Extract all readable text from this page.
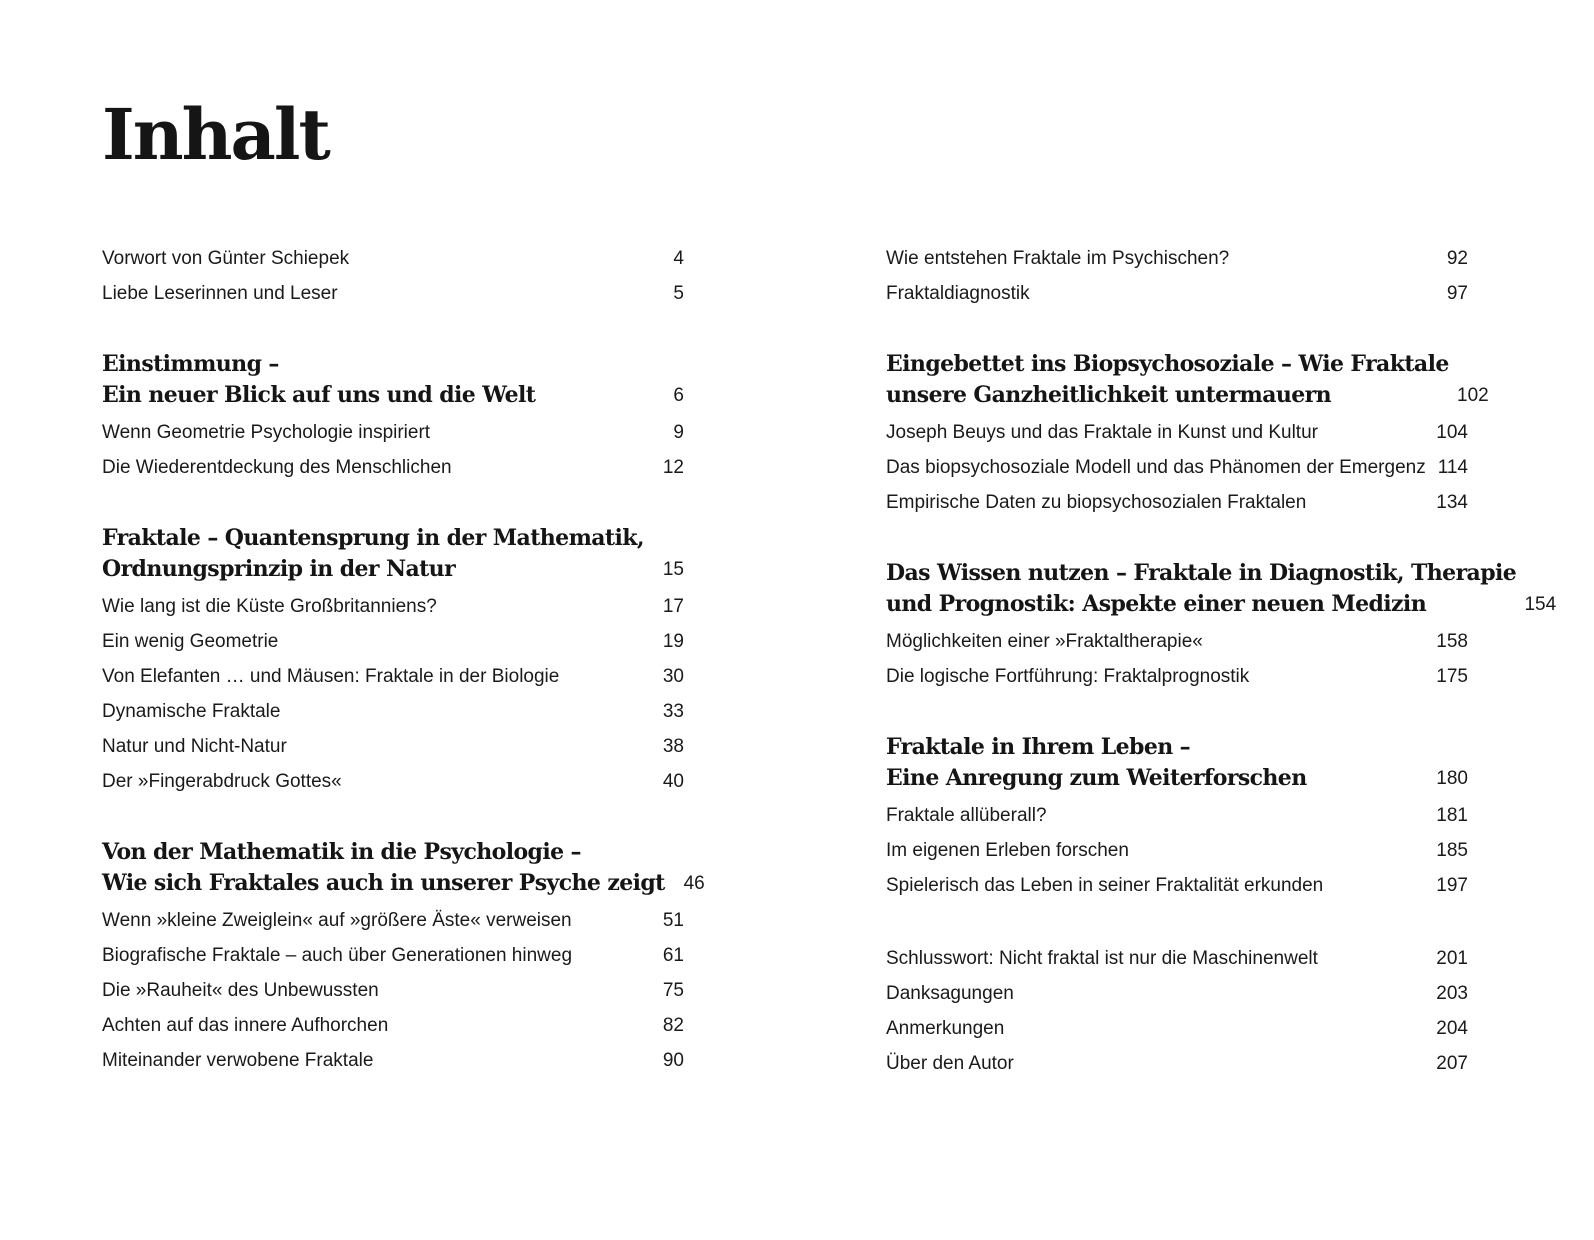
Inhalt
Vorwort von Günter Schiepek	4
Liebe Leserinnen und Leser	5
Einstimmung –
Ein neuer Blick auf uns und die Welt	6
Wenn Geometrie Psychologie inspiriert	9
Die Wiederentdeckung des Menschlichen	12
Fraktale – Quantensprung in der Mathematik,
Ordnungsprinzip in der Natur	15
Wie lang ist die Küste Großbritanniens?	17
Ein wenig Geometrie	19
Von Elefanten … und Mäusen: Fraktale in der Biologie	30
Dynamische Fraktale	33
Natur und Nicht-Natur	38
Der »Fingerabdruck Gottes«	40
Von der Mathematik in die Psychologie –
Wie sich Fraktales auch in unserer Psyche zeigt 46
Wenn »kleine Zweiglein« auf »größere Äste« verweisen	51
Biografische Fraktale – auch über Generationen hinweg	61
Die »Rauheit« des Unbewussten	75
Achten auf das innere Aufhorchen	82
Miteinander verwobene Fraktale	90
Wie entstehen Fraktale im Psychischen?	92
Fraktaldiagnostik	97
Eingebettet ins Biopsychosoziale – Wie Fraktale
unsere Ganzheitlichkeit untermauern	102
Joseph Beuys und das Fraktale in Kunst und Kultur	104
Das biopsychosoziale Modell und das Phänomen der Emergenz 114
Empirische Daten zu biopsychosozialen Fraktalen	134
Das Wissen nutzen – Fraktale in Diagnostik, Therapie
und Prognostik: Aspekte einer neuen Medizin	154
Möglichkeiten einer »Fraktaltherapie«	158
Die logische Fortführung: Fraktalprognostik	175
Fraktale in Ihrem Leben –
Eine Anregung zum Weiterforschen	180
Fraktale allüberall?	181
Im eigenen Erleben forschen	185
Spielerisch das Leben in seiner Fraktalität erkunden	197
Schlusswort: Nicht fraktal ist nur die Maschinenwelt	201
Danksagungen	203
Anmerkungen	204
Über den Autor	207
